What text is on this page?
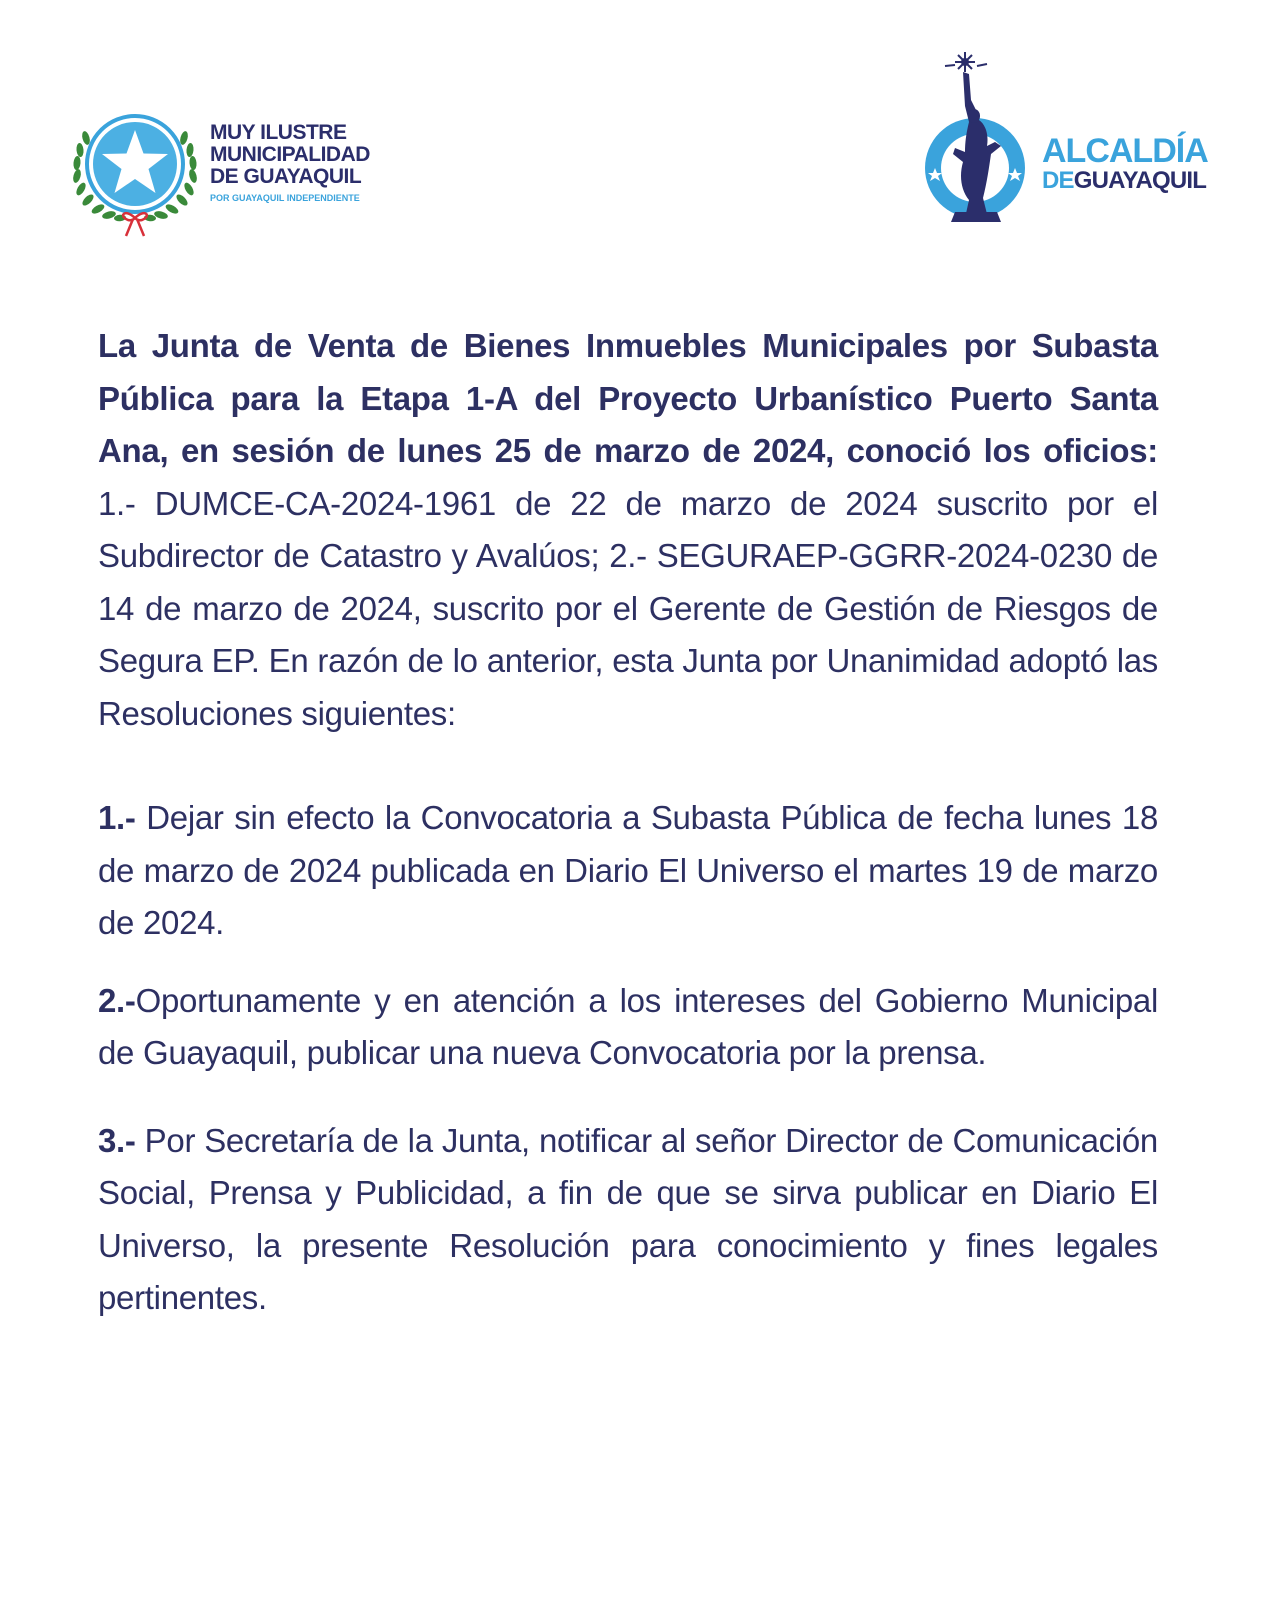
MUY ILUSTRE
MUNICIPALIDAD
DE GUAYAQUIL
POR GUAYAQUIL INDEPENDIENTE
ALCALDÍA
DEGUAYAQUIL

La Junta de Venta de Bienes Inmuebles Municipales por Subasta Pública para la Etapa 1-A del Proyecto Urbanístico Puerto Santa Ana, en sesión de lunes 25 de marzo de 2024, conoció los oficios: 1.- DUMCE-CA-2024-1961 de 22 de marzo de 2024 suscrito por el Subdirector de Catastro y Avalúos; 2.- SEGURAEP-GGRR-2024-0230 de 14 de marzo de 2024, suscrito por el Gerente de Gestión de Riesgos de Segura EP. En razón de lo anterior, esta Junta por Unanimidad adoptó las Resoluciones siguientes:

1.- Dejar sin efecto la Convocatoria a Subasta Pública de fecha lunes 18 de marzo de 2024 publicada en Diario El Universo el martes 19 de marzo de 2024.

2.-Oportunamente y en atención a los intereses del Gobierno Municipal de Guayaquil, publicar una nueva Convocatoria por la prensa.

3.- Por Secretaría de la Junta, notificar al señor Director de Comunicación Social, Prensa y Publicidad, a fin de que se sirva publicar en Diario El Universo, la presente Resolución para conocimiento y fines legales pertinentes.
